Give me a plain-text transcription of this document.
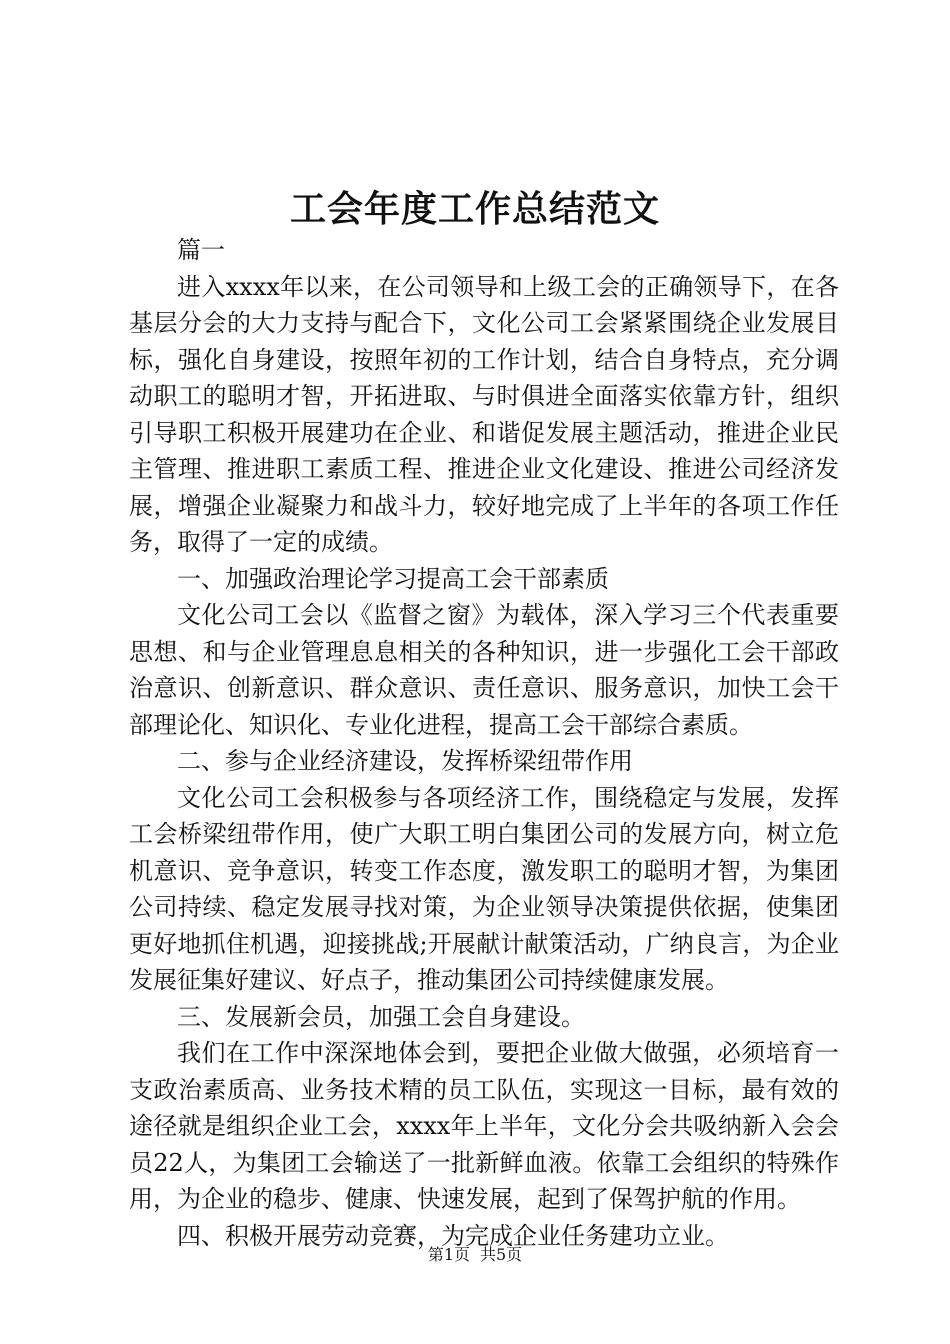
工会年度工作总结范文

篇一

进入xxxx年以来，在公司领导和上级工会的正确领导下，在各基层分会的大力支持与配合下，文化公司工会紧紧围绕企业发展目标，强化自身建设，按照年初的工作计划，结合自身特点，充分调动职工的聪明才智，开拓进取、与时俱进全面落实依靠方针，组织引导职工积极开展建功在企业、和谐促发展主题活动，推进企业民主管理、推进职工素质工程、推进企业文化建设、推进公司经济发展，增强企业凝聚力和战斗力，较好地完成了上半年的各项工作任务，取得了一定的成绩。

一、加强政治理论学习提高工会干部素质

文化公司工会以《监督之窗》为载体，深入学习三个代表重要思想、和与企业管理息息相关的各种知识，进一步强化工会干部政治意识、创新意识、群众意识、责任意识、服务意识，加快工会干部理论化、知识化、专业化进程，提高工会干部综合素质。

二、参与企业经济建设，发挥桥梁纽带作用

文化公司工会积极参与各项经济工作，围绕稳定与发展，发挥工会桥梁纽带作用，使广大职工明白集团公司的发展方向，树立危机意识、竞争意识，转变工作态度，激发职工的聪明才智，为集团公司持续、稳定发展寻找对策，为企业领导决策提供依据，使集团更好地抓住机遇，迎接挑战;开展献计献策活动，广纳良言，为企业发展征集好建议、好点子，推动集团公司持续健康发展。

三、发展新会员，加强工会自身建设。

我们在工作中深深地体会到，要把企业做大做强，必须培育一支政治素质高、业务技术精的员工队伍，实现这一目标，最有效的途径就是组织企业工会，xxxx年上半年，文化分会共吸纳新入会会员22人，为集团工会输送了一批新鲜血液。依靠工会组织的特殊作用，为企业的稳步、健康、快速发展，起到了保驾护航的作用。

四、积极开展劳动竞赛，为完成企业任务建功立业。

第1页 共5页
